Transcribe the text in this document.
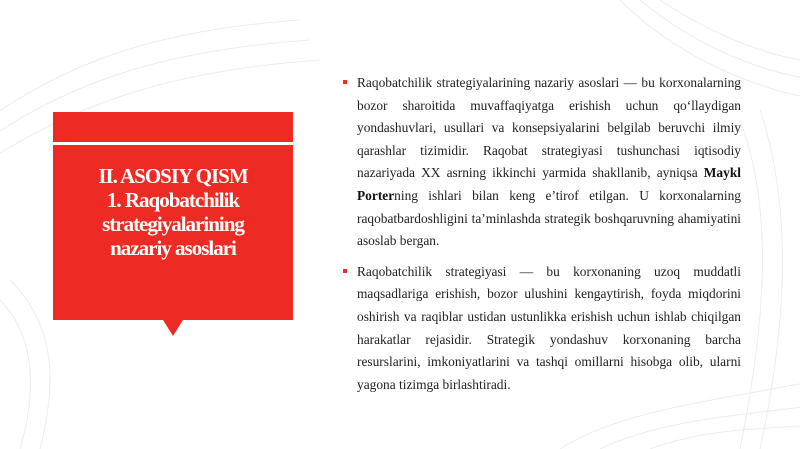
II. ASOSIY QISM
1. Raqobatchilik
strategiyalarining
nazariy asoslari
Raqobatchilik strategiyalarining nazariy asoslari — bu korxonalarning bozor sharoitida muvaffaqiyatga erishish uchun qo‘llaydigan yondashuvlari, usullari va konsepsiyalarini belgilab beruvchi ilmiy qarashlar tizimidir. Raqobat strategiyasi tushunchasi iqtisodiy nazariyada XX asrning ikkinchi yarmida shakllanib, ayniqsa Maykl Porterning ishlari bilan keng e’tirof etilgan. U korxonalarning raqobatbardoshligini ta’minlashda strategik boshqaruvning ahamiyatini asoslab bergan.
Raqobatchilik strategiyasi — bu korxonaning uzoq muddatli maqsadlariga erishish, bozor ulushini kengaytirish, foyda miqdorini oshirish va raqiblar ustidan ustunlikka erishish uchun ishlab chiqilgan harakatlar rejasidir. Strategik yondashuv korxonaning barcha resurslarini, imkoniyatlarini va tashqi omillarni hisobga olib, ularni yagona tizimga birlashtiradi.
